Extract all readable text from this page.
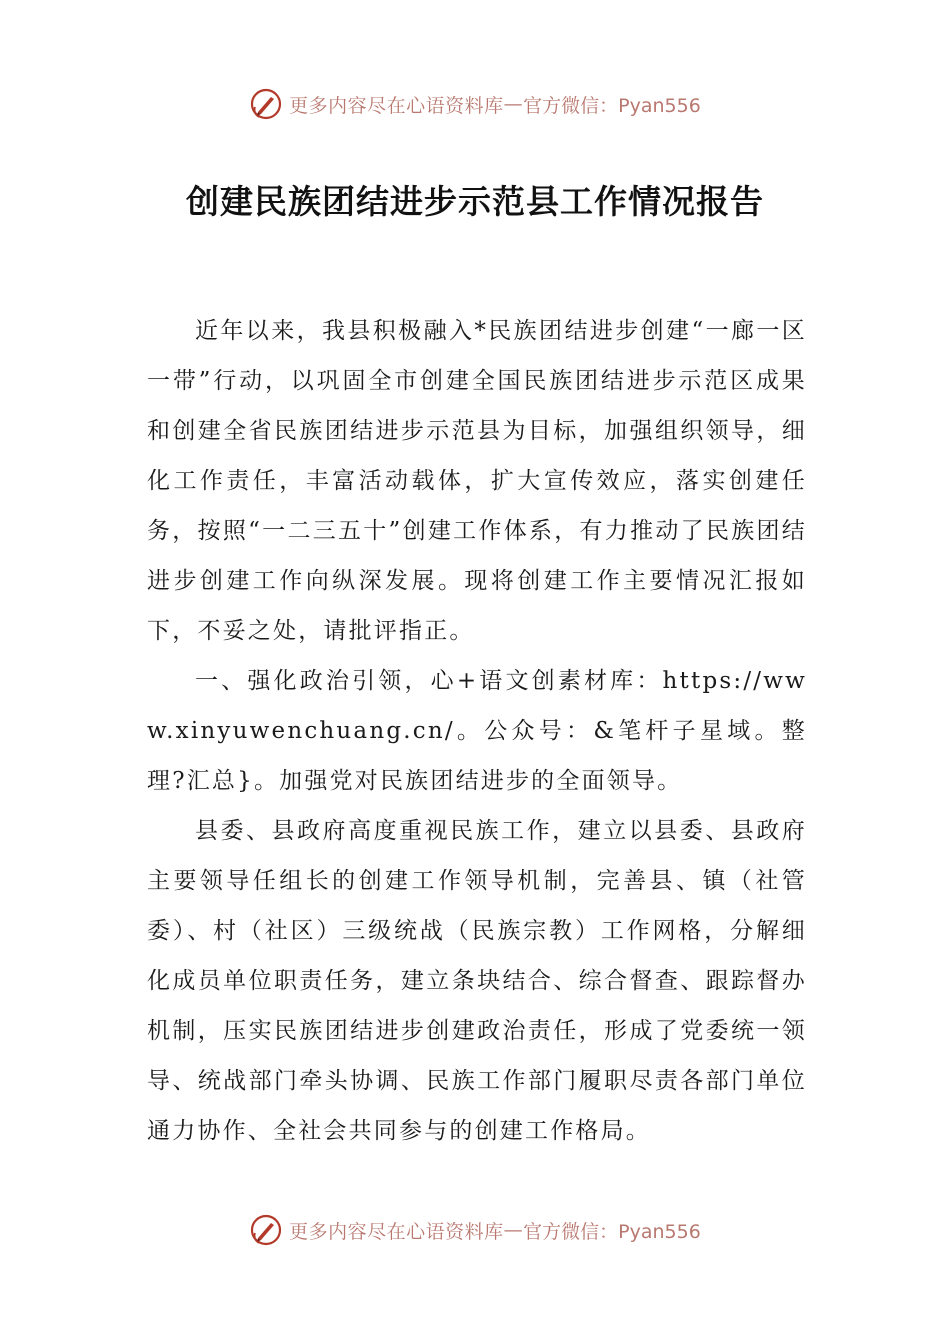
更多内容尽在心语资料库 — 官方微信：Pyan556
创建民族团结进步示范县工作情况报告

近年以来，我县积极融入*民族团结进步创建“一廊一区一带”行动，以巩固全市创建全国民族团结进步示范区成果和创建全省民族团结进步示范县为目标，加强组织领导，细化工作责任，丰富活动载体，扩大宣传效应，落实创建任务，按照“一二三五十”创建工作体系，有力推动了民族团结进步创建工作向纵深发展。现将创建工作主要情况汇报如下，不妥之处，请批评指正。

一、强化政治引领，心+语文创素材库：https://www.xinyuwenchuang.cn/。公众号：&笔杆子星域。整理?汇总}。加强党对民族团结进步的全面领导。

县委、县政府高度重视民族工作，建立以县委、县政府主要领导任组长的创建工作领导机制，完善县、镇（社管委）、村（社区）三级统战（民族宗教）工作网格，分解细化成员单位职责任务，建立条块结合、综合督查、跟踪督办机制，压实民族团结进步创建政治责任，形成了党委统一领导、统战部门牵头协调、民族工作部门履职尽责各部门单位通力协作、全社会共同参与的创建工作格局。

更多内容尽在心语资料库 — 官方微信：Pyan556
